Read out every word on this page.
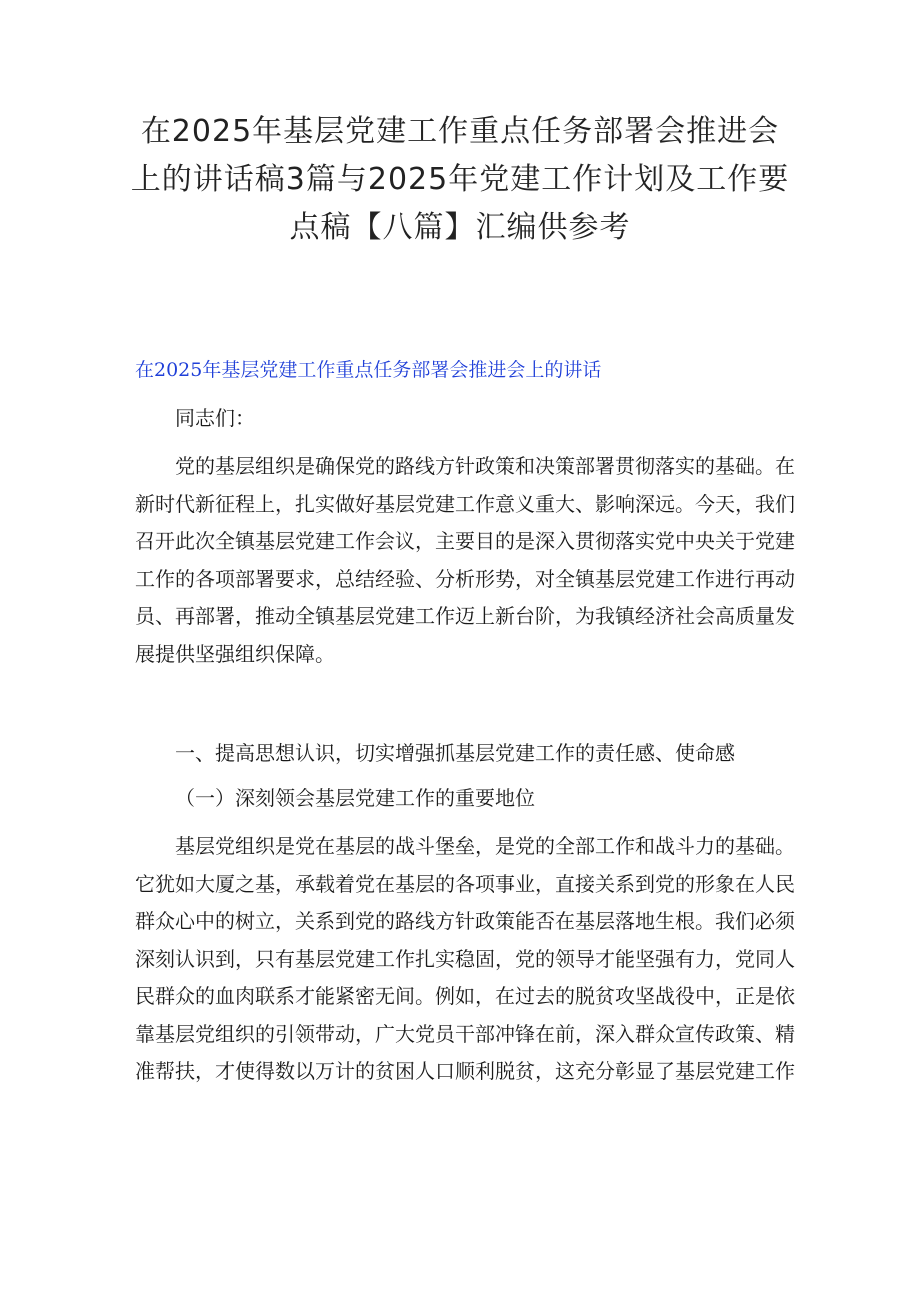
在2025年基层党建工作重点任务部署会推进会上的讲话稿3篇与2025年党建工作计划及工作要点稿【八篇】汇编供参考

在2025年基层党建工作重点任务部署会推进会上的讲话

同志们：

党的基层组织是确保党的路线方针政策和决策部署贯彻落实的基础。在新时代新征程上，扎实做好基层党建工作意义重大、影响深远。今天，我们召开此次全镇基层党建工作会议，主要目的是深入贯彻落实党中央关于党建工作的各项部署要求，总结经验、分析形势，对全镇基层党建工作进行再动员、再部署，推动全镇基层党建工作迈上新台阶，为我镇经济社会高质量发展提供坚强组织保障。

一、提高思想认识，切实增强抓基层党建工作的责任感、使命感

（一）深刻领会基层党建工作的重要地位

基层党组织是党在基层的战斗堡垒，是党的全部工作和战斗力的基础。它犹如大厦之基，承载着党在基层的各项事业，直接关系到党的形象在人民群众心中的树立，关系到党的路线方针政策能否在基层落地生根。我们必须深刻认识到，只有基层党建工作扎实稳固，党的领导才能坚强有力，党同人民群众的血肉联系才能紧密无间。例如，在过去的脱贫攻坚战役中，正是依靠基层党组织的引领带动，广大党员干部冲锋在前，深入群众宣传政策、精准帮扶，才使得数以万计的贫困人口顺利脱贫，这充分彰显了基层党建工作
